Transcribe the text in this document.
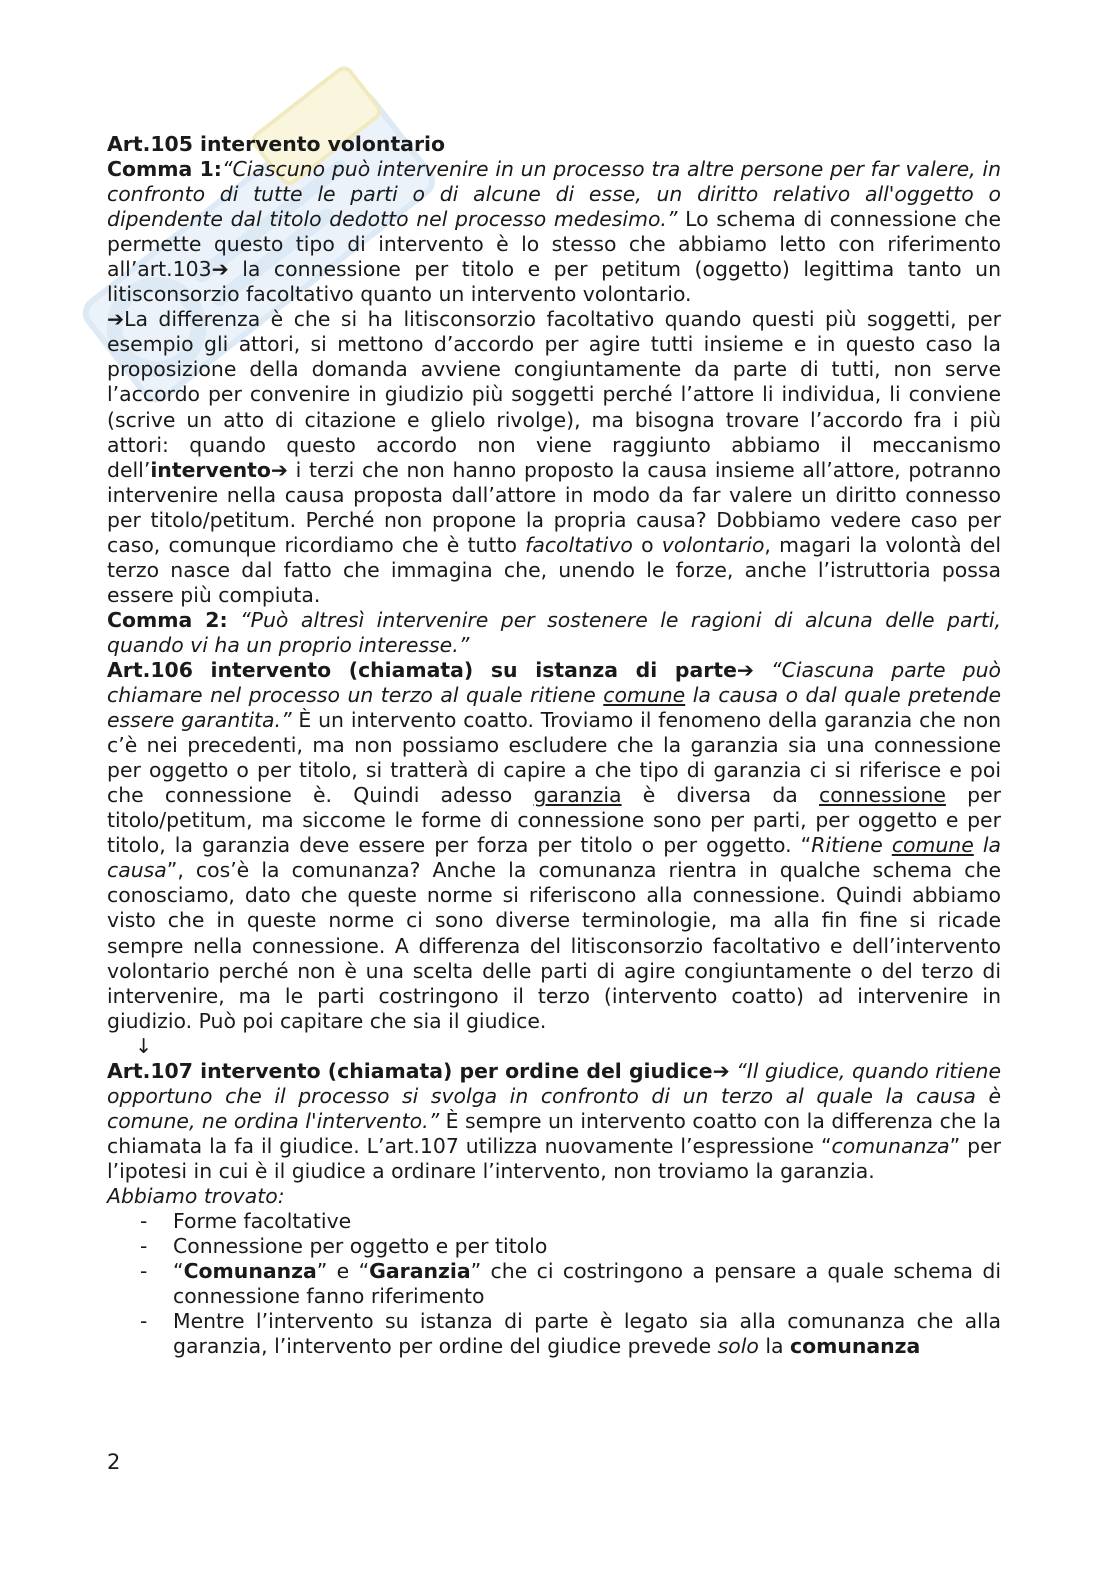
Art.105 intervento volontario

Comma 1:“Ciascuno può intervenire in un processo tra altre persone per far valere, in confronto di tutte le parti o di alcune di esse, un diritto relativo all'oggetto o dipendente dal titolo dedotto nel processo medesimo.” Lo schema di connessione che permette questo tipo di intervento è lo stesso che abbiamo letto con riferimento all’art.103➔ la connessione per titolo e per petitum (oggetto) legittima tanto un litisconsorzio facoltativo quanto un intervento volontario.

➔La differenza è che si ha litisconsorzio facoltativo quando questi più soggetti, per esempio gli attori, si mettono d’accordo per agire tutti insieme e in questo caso la proposizione della domanda avviene congiuntamente da parte di tutti, non serve l’accordo per convenire in giudizio più soggetti perché l’attore li individua, li conviene (scrive un atto di citazione e glielo rivolge), ma bisogna trovare l’accordo fra i più attori: quando questo accordo non viene raggiunto abbiamo il meccanismo dell’intervento➔ i terzi che non hanno proposto la causa insieme all’attore, potranno intervenire nella causa proposta dall’attore in modo da far valere un diritto connesso per titolo/petitum. Perché non propone la propria causa? Dobbiamo vedere caso per caso, comunque ricordiamo che è tutto facoltativo o volontario, magari la volontà del terzo nasce dal fatto che immagina che, unendo le forze, anche l’istruttoria possa essere più compiuta.

Comma 2: “Può altresì intervenire per sostenere le ragioni di alcuna delle parti, quando vi ha un proprio interesse.”

Art.106 intervento (chiamata) su istanza di parte➔ “Ciascuna parte può chiamare nel processo un terzo al quale ritiene comune la causa o dal quale pretende essere garantita.” È un intervento coatto. Troviamo il fenomeno della garanzia che non c’è nei precedenti, ma non possiamo escludere che la garanzia sia una connessione per oggetto o per titolo, si tratterà di capire a che tipo di garanzia ci si riferisce e poi che connessione è. Quindi adesso garanzia è diversa da connessione per titolo/petitum, ma siccome le forme di connessione sono per parti, per oggetto e per titolo, la garanzia deve essere per forza per titolo o per oggetto. “Ritiene comune la causa”, cos’è la comunanza? Anche la comunanza rientra in qualche schema che conosciamo, dato che queste norme si riferiscono alla connessione. Quindi abbiamo visto che in queste norme ci sono diverse terminologie, ma alla fin fine si ricade sempre nella connessione. A differenza del litisconsorzio facoltativo e dell’intervento volontario perché non è una scelta delle parti di agire congiuntamente o del terzo di intervenire, ma le parti costringono il terzo (intervento coatto) ad intervenire in giudizio. Può poi capitare che sia il giudice.

↓

Art.107 intervento (chiamata) per ordine del giudice➔ “Il giudice, quando ritiene opportuno che il processo si svolga in confronto di un terzo al quale la causa è comune, ne ordina l'intervento.” È sempre un intervento coatto con la differenza che la chiamata la fa il giudice. L’art.107 utilizza nuovamente l’espressione “comunanza” per l’ipotesi in cui è il giudice a ordinare l’intervento, non troviamo la garanzia.

Abbiamo trovato:

- Forme facoltative
- Connessione per oggetto e per titolo
- “Comunanza” e “Garanzia” che ci costringono a pensare a quale schema di connessione fanno riferimento
- Mentre l’intervento su istanza di parte è legato sia alla comunanza che alla garanzia, l’intervento per ordine del giudice prevede solo la comunanza
2
